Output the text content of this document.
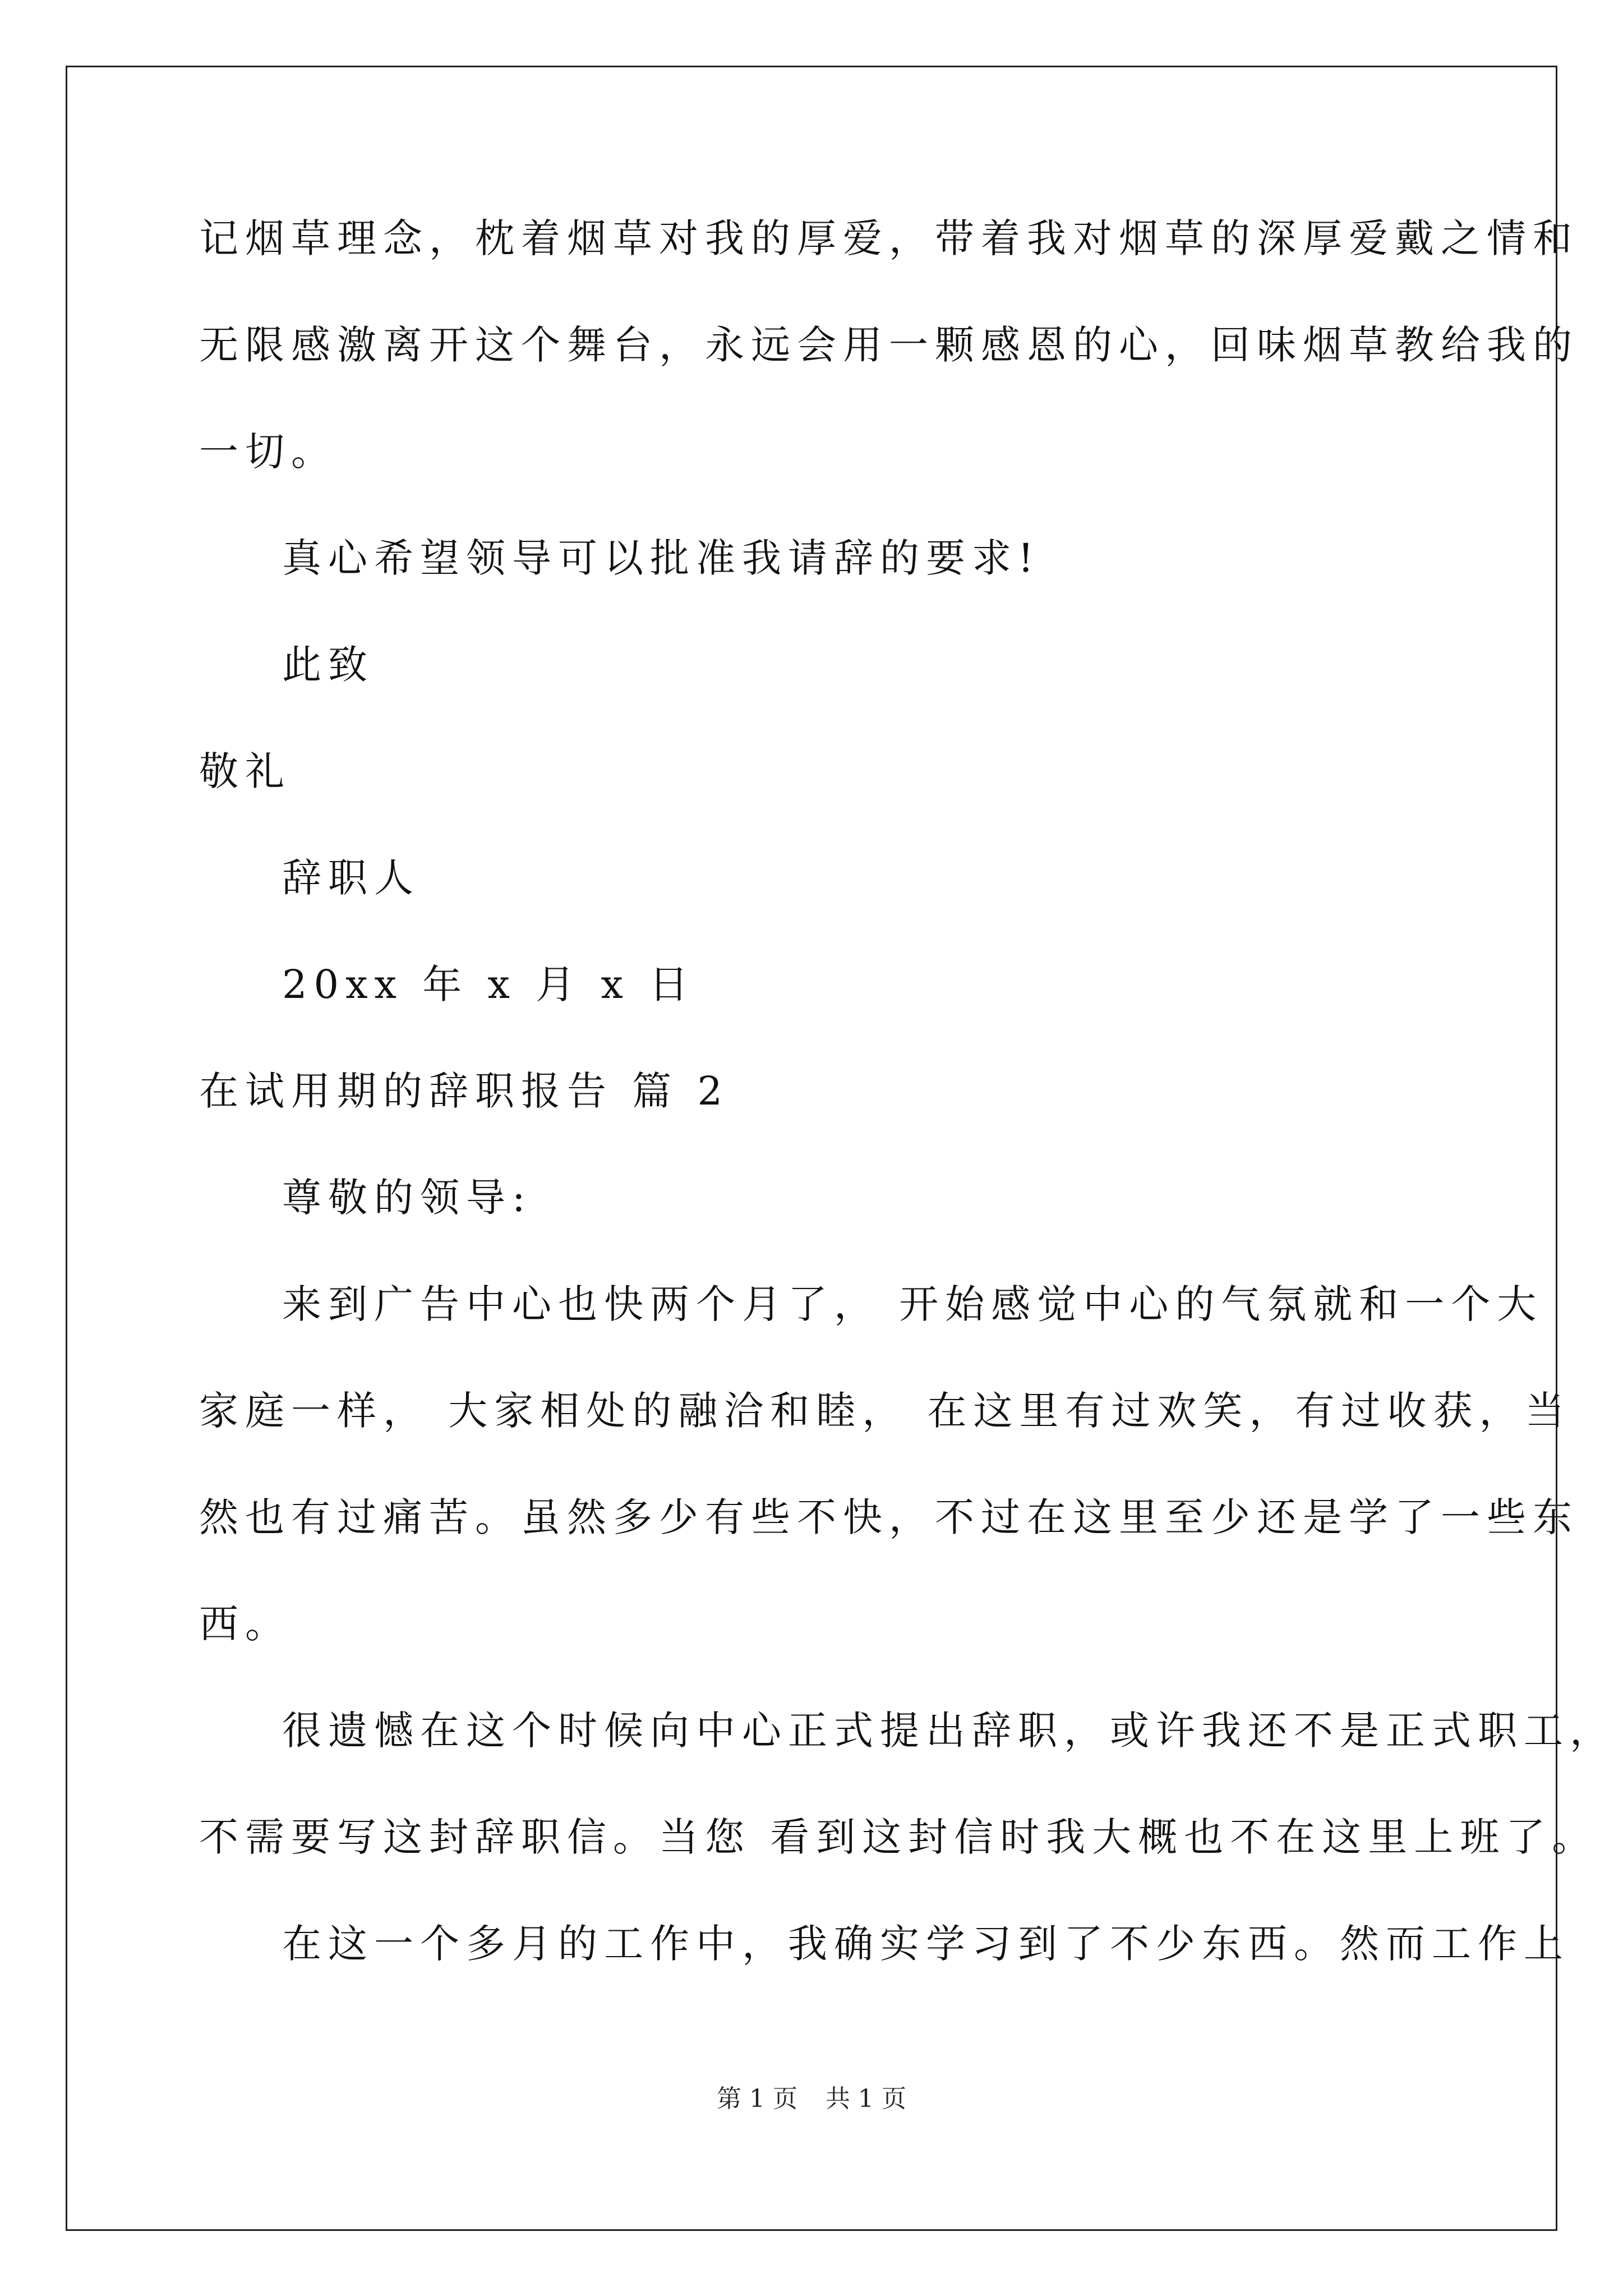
记烟草理念，枕着烟草对我的厚爱，带着我对烟草的深厚爱戴之情和
无限感激离开这个舞台，永远会用一颗感恩的心，回味烟草教给我的
一切。
真心希望领导可以批准我请辞的要求!
此致
敬礼
辞职人
20xx 年 x 月 x 日
在试用期的辞职报告 篇 2
尊敬的领导:
来到广告中心也快两个月了， 开始感觉中心的气氛就和一个大
家庭一样， 大家相处的融洽和睦， 在这里有过欢笑，有过收获，当
然也有过痛苦。虽然多少有些不快，不过在这里至少还是学了一些东
西。
很遗憾在这个时候向中心正式提出辞职，或许我还不是正式职工，
不需要写这封辞职信。当您 看到这封信时我大概也不在这里上班了。
在这一个多月的工作中，我确实学习到了不少东西。然而工作上
第 1 页 共 1 页
